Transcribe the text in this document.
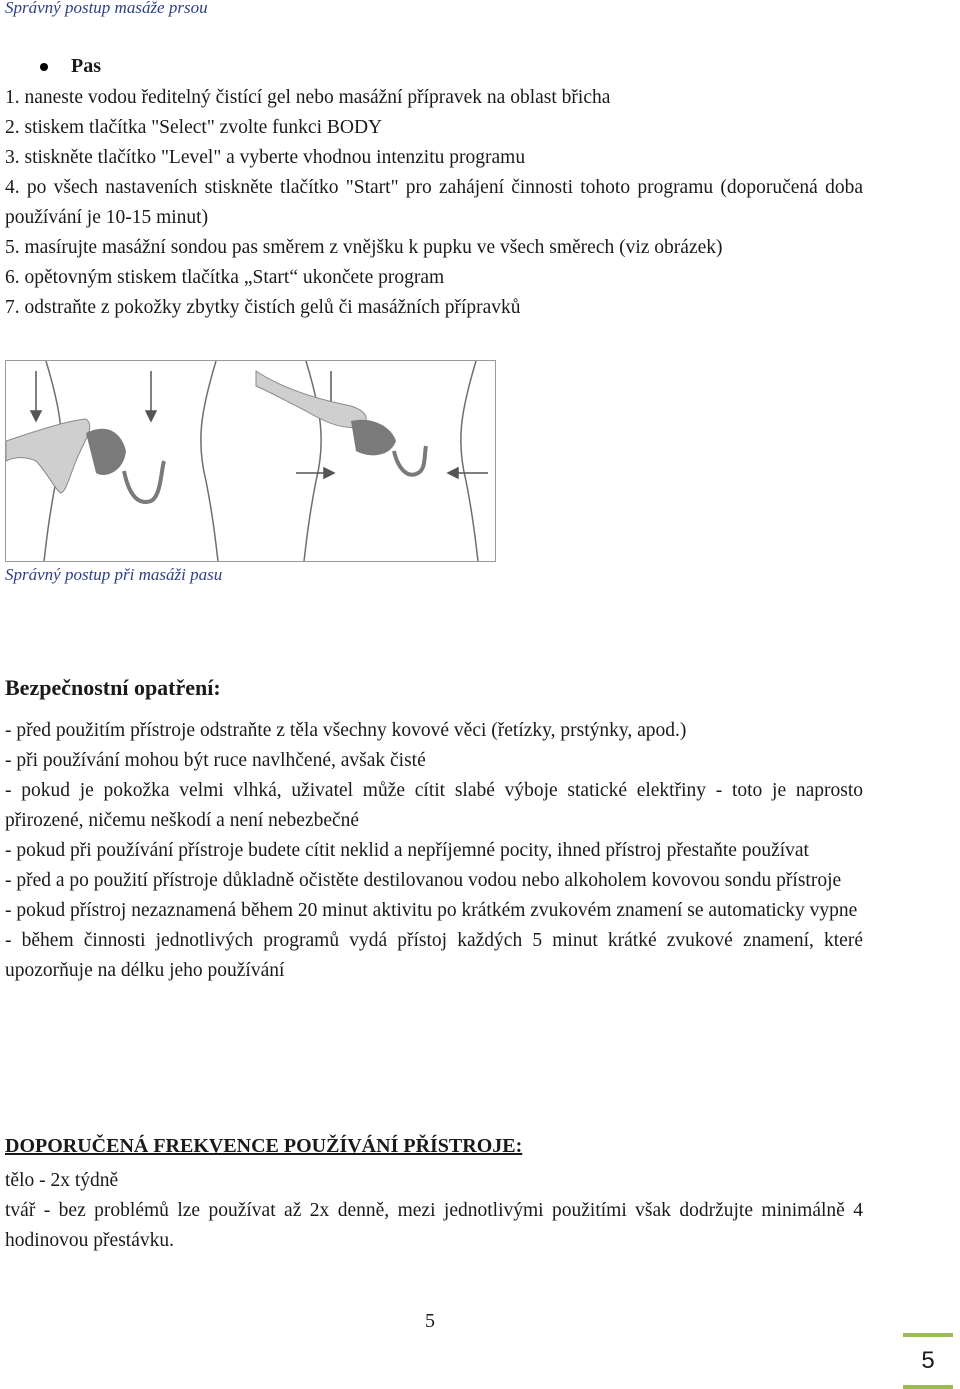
Správný postup masáže prsou
Pas

1. naneste vodou ředitelný čistící gel nebo masážní přípravek na oblast břicha

2. stiskem tlačítka "Select" zvolte funkci BODY

3. stiskněte tlačítko "Level" a vyberte vhodnou intenzitu programu

4. po všech nastaveních stiskněte tlačítko "Start" pro zahájení činnosti tohoto programu (doporučená doba používání je 10-15 minut)

5. masírujte masážní sondou pas směrem z vnějšku k pupku ve všech směrech (viz obrázek)

6. opětovným stiskem tlačítka „Start“ ukončete program

7. odstraňte z pokožky zbytky čistích gelů či masážních přípravků

Správný postup při masáži pasu
Bezpečnostní opatření:

- před použitím přístroje odstraňte z těla všechny kovové věci (řetízky, prstýnky, apod.)

- při používání mohou být ruce navlhčené, avšak čisté

- pokud je pokožka velmi vlhká, uživatel může cítit slabé výboje statické elektřiny - toto je naprosto přirozené, ničemu neškodí a není nebezbečné

- pokud při používání přístroje budete cítit neklid a nepříjemné pocity, ihned přístroj přestaňte používat

- před a po použití přístroje důkladně očistěte destilovanou vodou nebo alkoholem kovovou sondu přístroje

- pokud přístroj nezaznamená během 20 minut aktivitu po krátkém zvukovém znamení se automaticky vypne

- během činnosti jednotlivých programů vydá přístoj každých 5 minut krátké zvukové znamení, které upozorňuje na délku jeho používání

DOPORUČENÁ FREKVENCE POUŽÍVÁNÍ PŘÍSTROJE:

tělo - 2x týdně

tvář - bez problémů lze používat až 2x denně, mezi jednotlivými použitími však dodržujte minimálně 4 hodinovou přestávku.

5
5
